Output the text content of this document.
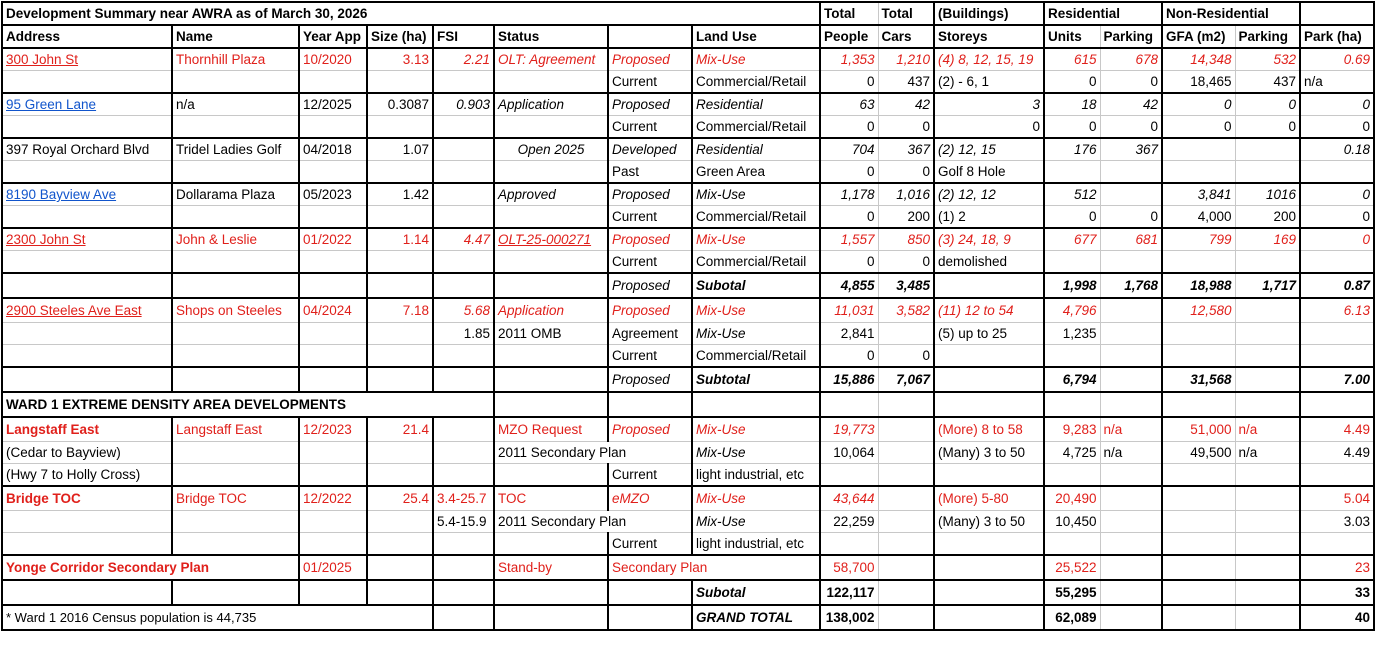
Development Summary near AWRA as of March 30, 2026								Total	Total	(Buildings)	Residential		Non-Residential		
Address	Name	Year App	Size (ha)	FSI	Status		Land Use	People	Cars	Storeys	Units	Parking	GFA (m2)	Parking	Park (ha)
300 John St	Thornhill Plaza	10/2020	3.13	2.21	OLT: Agreement	Proposed	Mix-Use	1,353	1,210	(4) 8, 12, 15, 19	615	678	14,348	532	0.69
						Current	Commercial/Retail	0	437	(2) - 6, 1	0	0	18,465	437	n/a
95 Green Lane	n/a	12/2025	0.3087	0.903	Application	Proposed	Residential	63	42	3	18	42	0	0	0
						Current	Commercial/Retail	0	0	0	0	0	0	0	0
397 Royal Orchard Blvd	Tridel Ladies Golf	04/2018	1.07		Open 2025	Developed	Residential	704	367	(2) 12, 15	176	367			0.18
						Past	Green Area	0	0	Golf 8 Hole					
8190 Bayview Ave	Dollarama Plaza	05/2023	1.42		Approved	Proposed	Mix-Use	1,178	1,016	(2) 12, 12	512		3,841	1016	0
						Current	Commercial/Retail	0	200	(1) 2	0	0	4,000	200	0
2300 John St	John & Leslie	01/2022	1.14	4.47	OLT-25-000271	Proposed	Mix-Use	1,557	850	(3) 24, 18, 9	677	681	799	169	0
						Current	Commercial/Retail	0	0	demolished					
						Proposed	Subotal	4,855	3,485		1,998	1,768	18,988	1,717	0.87
2900 Steeles Ave East	Shops on Steeles	04/2024	7.18	5.68	Application	Proposed	Mix-Use	11,031	3,582	(11) 12 to 54	4,796		12,580		6.13
				1.85	2011 OMB	Agreement	Mix-Use	2,841		(5) up to 25	1,235				
						Current	Commercial/Retail	0	0						
						Proposed	Subtotal	15,886	7,067		6,794		31,568		7.00
WARD 1 EXTREME DENSITY AREA DEVELOPMENTS															
Langstaff East	Langstaff East	12/2023	21.4		MZO Request	Proposed	Mix-Use	19,773		(More) 8 to 58	9,283	n/a	51,000	n/a	4.49
(Cedar to Bayview)					2011 Secondary Plan		Mix-Use	10,064		(Many) 3 to 50	4,725	n/a	49,500	n/a	4.49
(Hwy 7 to Holly Cross)						Current	light industrial, etc								
Bridge TOC	Bridge TOC	12/2022	25.4	3.4-25.7	TOC	eMZO	Mix-Use	43,644		(More) 5-80	20,490				5.04
				5.4-15.9	2011 Secondary Plan		Mix-Use	22,259		(Many) 3 to 50	10,450				3.03
						Current	light industrial, etc								
Yonge Corridor Secondary Plan		01/2025			Stand-by	Secondary Plan		58,700			25,522				23
							Subotal	122,117			55,295				33
* Ward 1 2016 Census population is 44,735							GRAND TOTAL	138,002			62,089				40
